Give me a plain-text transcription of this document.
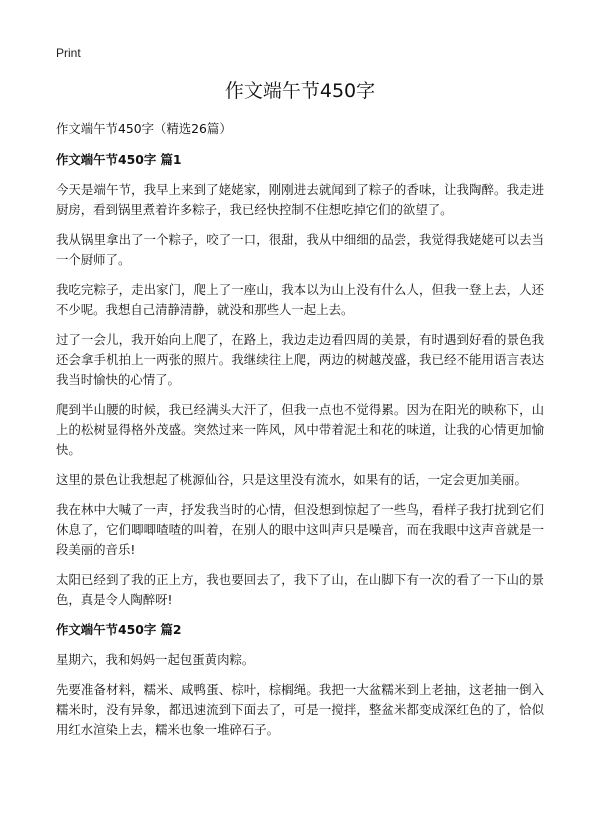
Print
作文端午节450字

作文端午节450字（精选26篇）

作文端午节450字 篇1

今天是端午节，我早上来到了姥姥家，刚刚进去就闻到了粽子的香味，让我陶醉。我走进厨房，看到锅里煮着许多粽子，我已经快控制不住想吃掉它们的欲望了。

我从锅里拿出了一个粽子，咬了一口，很甜，我从中细细的品尝，我觉得我姥姥可以去当一个厨师了。

我吃完粽子，走出家门，爬上了一座山，我本以为山上没有什么人，但我一登上去，人还不少呢。我想自己清静清静，就没和那些人一起上去。

过了一会儿，我开始向上爬了，在路上，我边走边看四周的美景，有时遇到好看的景色我还会拿手机拍上一两张的照片。我继续往上爬，两边的树越茂盛，我已经不能用语言表达我当时愉快的心情了。

爬到半山腰的时候，我已经满头大汗了，但我一点也不觉得累。因为在阳光的映称下，山上的松树显得格外茂盛。突然过来一阵风，风中带着泥土和花的味道，让我的心情更加愉快。

这里的景色让我想起了桃源仙谷，只是这里没有流水，如果有的话，一定会更加美丽。

我在林中大喊了一声，抒发我当时的心情，但没想到惊起了一些鸟，看样子我打扰到它们休息了，它们唧唧喳喳的叫着，在别人的眼中这叫声只是噪音，而在我眼中这声音就是一段美丽的音乐!

太阳已经到了我的正上方，我也要回去了，我下了山，在山脚下有一次的看了一下山的景色，真是令人陶醉呀!

作文端午节450字 篇2

星期六，我和妈妈一起包蛋黄肉粽。

先要准备材料，糯米、咸鸭蛋、棕叶，棕榈绳。我把一大盆糯米到上老抽，这老抽一倒入糯米时，没有异象，都迅速流到下面去了，可是一搅拌，整盆米都变成深红色的了，恰似用红水渲染上去，糯米也象一堆碎石子。
